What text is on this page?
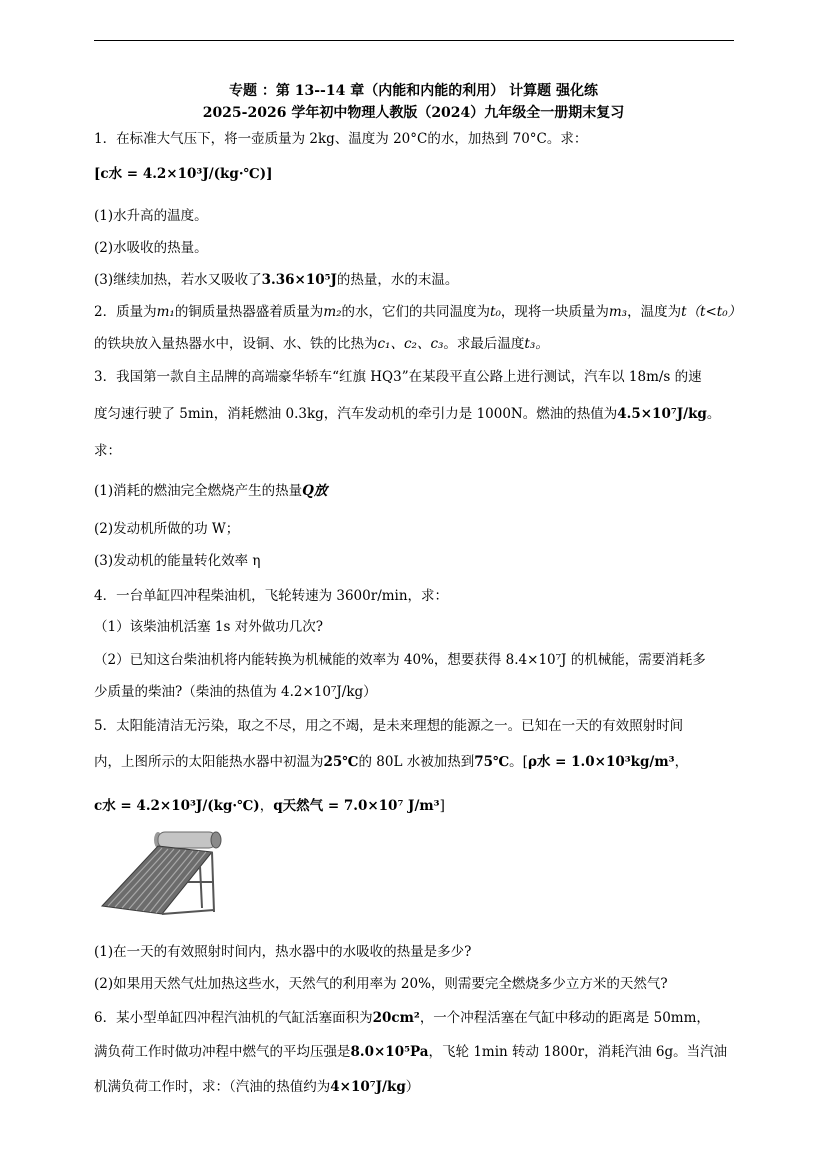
专题 ：第 13--14 章（内能和内能的利用） 计算题 强化练
2025-2026 学年初中物理人教版（2024）九年级全一册期末复习
1．在标准大气压下，将一壶质量为 2kg、温度为 20°C的水，加热到 70°C。求：
[c水 = 4.2×10³J/(kg·℃)]
(1)水升高的温度。
(2)水吸收的热量。
(3)继续加热，若水又吸收了3.36×10⁵J的热量，水的末温。
2．质量为m₁的铜质量热器盛着质量为m₂的水，它们的共同温度为t₀，现将一块质量为m₃，温度为t（t<t₀）
的铁块放入量热器水中，设铜、水、铁的比热为c₁、c₂、c₃。求最后温度t₃。
3．我国第一款自主品牌的高端豪华轿车“红旗 HQ3”在某段平直公路上进行测试，汽车以 18m/s 的速
度匀速行驶了 5min，消耗燃油 0.3kg，汽车发动机的牵引力是 1000N。燃油的热值为4.5×10⁷J/kg。
求：
(1)消耗的燃油完全燃烧产生的热量Q放
(2)发动机所做的功 W；
(3)发动机的能量转化效率 η
4．一台单缸四冲程柴油机，飞轮转速为 3600r/min，求：
（1）该柴油机活塞 1s 对外做功几次?
（2）已知这台柴油机将内能转换为机械能的效率为 40%，想要获得 8.4×10⁷J 的机械能，需要消耗多
少质量的柴油?（柴油的热值为 4.2×10⁷J/kg）
5．太阳能清洁无污染，取之不尽，用之不竭，是未来理想的能源之一。已知在一天的有效照射时间
内，上图所示的太阳能热水器中初温为25℃的 80L 水被加热到75℃。[ρ水 = 1.0×10³kg/m³，
c水 = 4.2×10³J/(kg·℃)，q天然气 = 7.0×10⁷ J/m³]
(1)在一天的有效照射时间内，热水器中的水吸收的热量是多少?
(2)如果用天然气灶加热这些水，天然气的利用率为 20%，则需要完全燃烧多少立方米的天然气?
6．某小型单缸四冲程汽油机的气缸活塞面积为20cm²，一个冲程活塞在气缸中移动的距离是 50mm，
满负荷工作时做功冲程中燃气的平均压强是8.0×10⁵Pa，飞轮 1min 转动 1800r，消耗汽油 6g。当汽油
机满负荷工作时，求：（汽油的热值约为4×10⁷J/kg）
